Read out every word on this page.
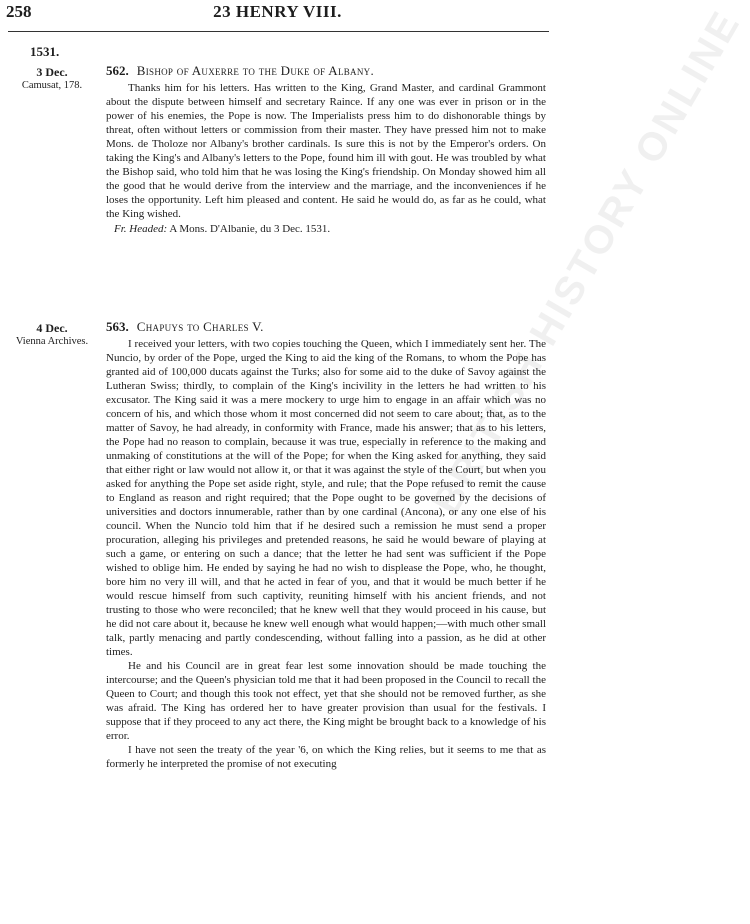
BRITISH HISTORY ONLINE
258	23 HENRY VIII.
1531.
3 Dec.
Camusat, 178.

562. Bishop of Auxerre to the Duke of Albany.

Thanks him for his letters. Has written to the King, Grand Master, and cardinal Grammont about the dispute between himself and secretary Raince. If any one was ever in prison or in the power of his enemies, the Pope is now. The Imperialists press him to do dishonorable things by threat, often without letters or commission from their master. They have pressed him not to make Mons. de Tholoze nor Albany's brother cardinals. Is sure this is not by the Emperor's orders. On taking the King's and Albany's letters to the Pope, found him ill with gout. He was troubled by what the Bishop said, who told him that he was losing the King's friendship. On Monday showed him all the good that he would derive from the interview and the marriage, and the inconveniences if he loses the opportunity. Left him pleased and content. He said he would do, as far as he could, what the King wished.

Fr. Headed: A Mons. D'Albanie, du 3 Dec. 1531.

4 Dec.
Vienna Archives.

563. Chapuys to Charles V.

I received your letters, with two copies touching the Queen, which I immediately sent her. The Nuncio, by order of the Pope, urged the King to aid the king of the Romans, to whom the Pope has granted aid of 100,000 ducats against the Turks; also for some aid to the duke of Savoy against the Lutheran Swiss; thirdly, to complain of the King's incivility in the letters he had written to his excusator. The King said it was a mere mockery to urge him to engage in an affair which was no concern of his, and which those whom it most concerned did not seem to care about; that, as to the matter of Savoy, he had already, in conformity with France, made his answer; that as to his letters, the Pope had no reason to complain, because it was true, especially in reference to the making and unmaking of constitutions at the will of the Pope; for when the King asked for anything, they said that either right or law would not allow it, or that it was against the style of the Court, but when you asked for anything the Pope set aside right, style, and rule; that the Pope refused to remit the cause to England as reason and right required; that the Pope ought to be governed by the decisions of universities and doctors innumerable, rather than by one cardinal (Ancona), or any one else of his council. When the Nuncio told him that if he desired such a remission he must send a proper procuration, alleging his privileges and pretended reasons, he said he would beware of playing at such a game, or entering on such a dance; that the letter he had sent was sufficient if the Pope wished to oblige him. He ended by saying he had no wish to displease the Pope, who, he thought, bore him no very ill will, and that he acted in fear of you, and that it would be much better if he would rescue himself from such captivity, reuniting himself with his ancient friends, and not trusting to those who were reconciled; that he knew well that they would proceed in his cause, but he did not care about it, because he knew well enough what would happen;—with much other small talk, partly menacing and partly condescending, without falling into a passion, as he did at other times.

He and his Council are in great fear lest some innovation should be made touching the intercourse; and the Queen's physician told me that it had been proposed in the Council to recall the Queen to Court; and though this took not effect, yet that she should not be removed further, as she was afraid. The King has ordered her to have greater provision than usual for the festivals. I suppose that if they proceed to any act there, the King might be brought back to a knowledge of his error.

I have not seen the treaty of the year '6, on which the King relies, but it seems to me that as formerly he interpreted the promise of not executing
